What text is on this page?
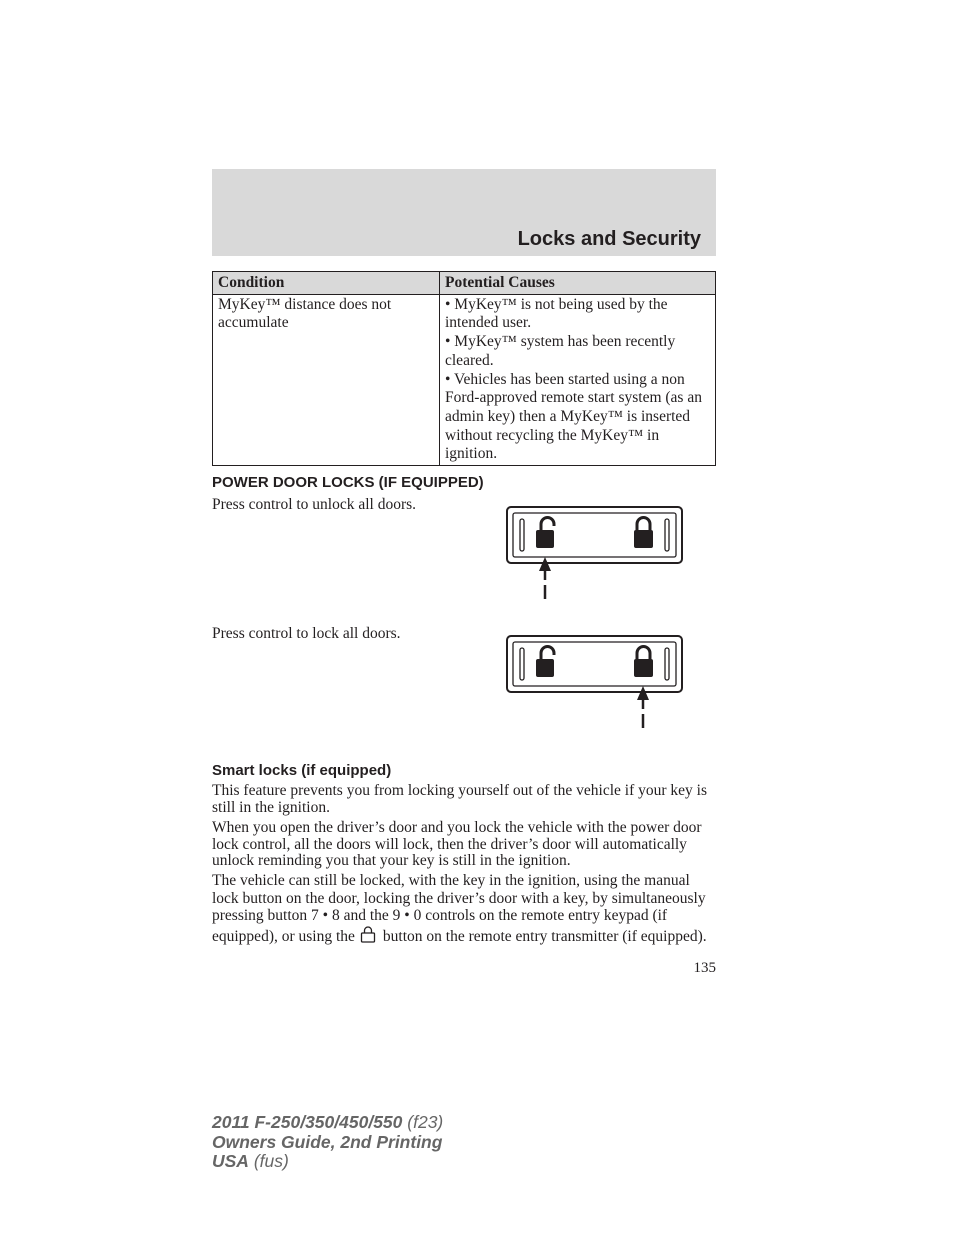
Locks and Security
Condition	Potential Causes
MyKey™ distance does not accumulate	• MyKey™ is not being used by the intended user.
• MyKey™ system has been recently cleared.
• Vehicles has been started using a non Ford-approved remote start system (as an admin key) then a MyKey™ is inserted without recycling the MyKey™ in ignition.
POWER DOOR LOCKS (IF EQUIPPED)
Press control to unlock all doors.
Press control to lock all doors.
Smart locks (if equipped)
This feature prevents you from locking yourself out of the vehicle if your key is still in the ignition.
When you open the driver’s door and you lock the vehicle with the power door lock control, all the doors will lock, then the driver’s door will automatically unlock reminding you that your key is still in the ignition.
The vehicle can still be locked, with the key in the ignition, using the manual lock button on the door, locking the driver’s door with a key, by simultaneously pressing button 7 • 8 and the 9 • 0 controls on the remote entry keypad (if equipped), or using the button on the remote entry transmitter (if equipped).
135
2011 F-250/350/450/550 (f23)
Owners Guide, 2nd Printing
USA (fus)
